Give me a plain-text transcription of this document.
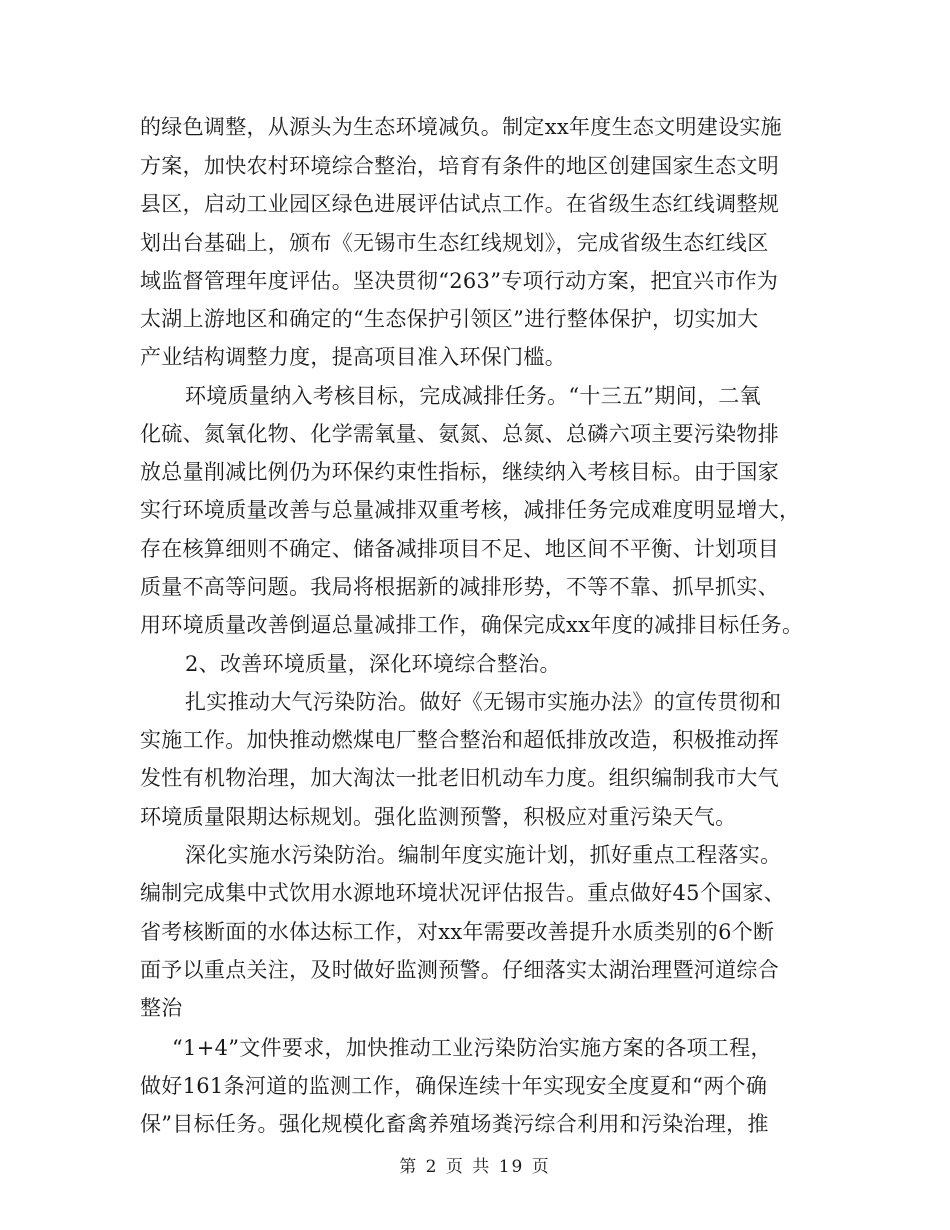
的绿色调整，从源头为生态环境减负。制定xx年度生态文明建设实施
方案，加快农村环境综合整治，培育有条件的地区创建国家生态文明
县区，启动工业园区绿色进展评估试点工作。在省级生态红线调整规
划出台基础上，颁布《无锡市生态红线规划》，完成省级生态红线区
域监督管理年度评估。坚决贯彻“263”专项行动方案，把宜兴市作为
太湖上游地区和确定的“生态保护引领区”进行整体保护，切实加大
产业结构调整力度，提高项目准入环保门槛。
环境质量纳入考核目标，完成减排任务。“十三五”期间，二氧
化硫、氮氧化物、化学需氧量、氨氮、总氮、总磷六项主要污染物排
放总量削减比例仍为环保约束性指标，继续纳入考核目标。由于国家
实行环境质量改善与总量减排双重考核，减排任务完成难度明显增大，
存在核算细则不确定、储备减排项目不足、地区间不平衡、计划项目
质量不高等问题。我局将根据新的减排形势，不等不靠、抓早抓实、
用环境质量改善倒逼总量减排工作，确保完成xx年度的减排目标任务。
2、改善环境质量，深化环境综合整治。
扎实推动大气污染防治。做好《无锡市实施办法》的宣传贯彻和
实施工作。加快推动燃煤电厂整合整治和超低排放改造，积极推动挥
发性有机物治理，加大淘汰一批老旧机动车力度。组织编制我市大气
环境质量限期达标规划。强化监测预警，积极应对重污染天气。
深化实施水污染防治。编制年度实施计划，抓好重点工程落实。
编制完成集中式饮用水源地环境状况评估报告。重点做好45个国家、
省考核断面的水体达标工作，对xx年需要改善提升水质类别的6个断
面予以重点关注，及时做好监测预警。仔细落实太湖治理暨河道综合
整治
“1+4”文件要求，加快推动工业污染防治实施方案的各项工程，
做好161条河道的监测工作，确保连续十年实现安全度夏和“两个确
保”目标任务。强化规模化畜禽养殖场粪污综合利用和污染治理，推
第 2 页 共 19 页
